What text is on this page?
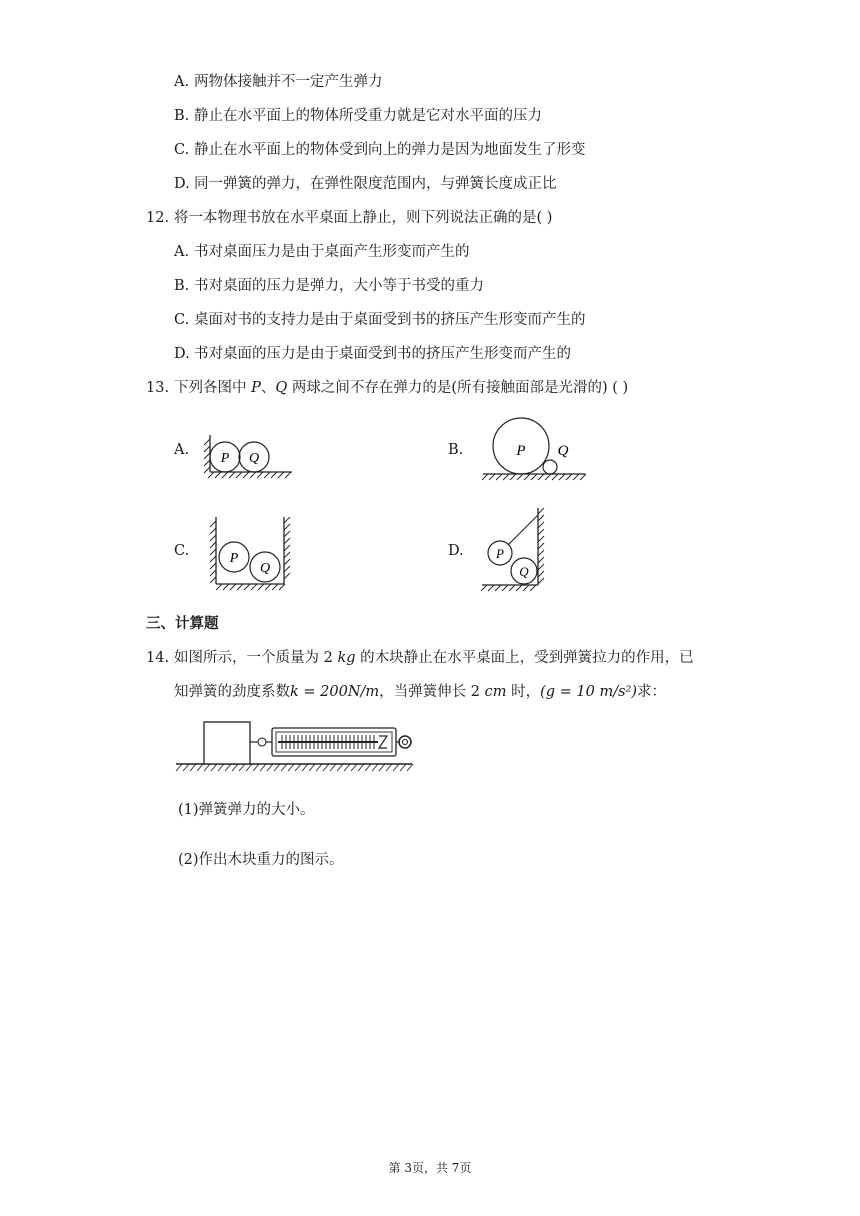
A. 两物体接触并不一定产生弹力
B. 静止在水平面上的物体所受重力就是它对水平面的压力
C. 静止在水平面上的物体受到向上的弹力是因为地面发生了形变
D. 同一弹簧的弹力，在弹性限度范围内，与弹簧长度成正比
12. 将一本物理书放在水平桌面上静止，则下列说法正确的是( )
A. 书对桌面压力是由于桌面产生形变而产生的
B. 书对桌面的压力是弹力，大小等于书受的重力
C. 桌面对书的支持力是由于桌面受到书的挤压产生形变而产生的
D. 书对桌面的压力是由于桌面受到书的挤压产生形变而产生的
13. 下列各图中 P、Q 两球之间不存在弹力的是(所有接触面部是光滑的) ( )
A.
P Q
B.	P Q
C.	P
Q
D. P
Q
三、计算题
14. 如图所示，一个质量为 2 kg 的木块静止在水平桌面上，受到弹簧拉力的作用，已
知弹簧的劲度系数k = 200N/m，当弹簧伸长 2 cm 时，(g = 10 m/s²)求：
(1)弹簧弹力的大小。
(2)作出木块重力的图示。
第 3页，共 7页
